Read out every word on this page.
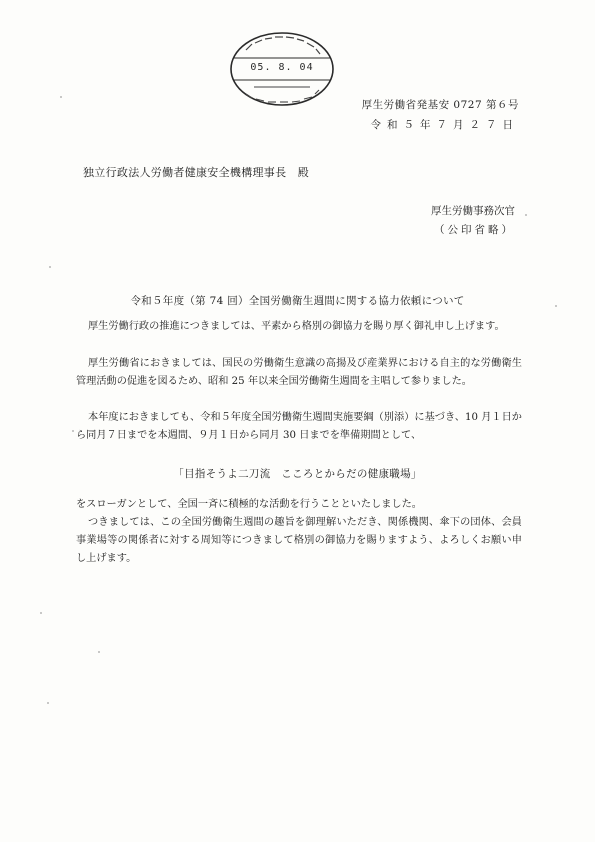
05. 8. 04
厚生労働省発基安 0727 第６号
令和５年７月２７日
独立行政法人労働者健康安全機構理事長　殿
厚生労働事務次官
（公印省略）
令和５年度（第 74 回）全国労働衛生週間に関する協力依頼について
厚生労働行政の推進につきましては、平素から格別の御協力を賜り厚く御礼申し上げます。
厚生労働省におきましては、国民の労働衛生意識の高揚及び産業界における自主的な労働衛生管理活動の促進を図るため、昭和 25 年以来全国労働衛生週間を主唱して参りました。
本年度におきましても、令和５年度全国労働衛生週間実施要綱（別添）に基づき、10 月１日から同月７日までを本週間、９月１日から同月 30 日までを準備期間として、
「目指そうよ二刀流　こころとからだの健康職場」
をスローガンとして、全国一斉に積極的な活動を行うことといたしました。
つきましては、この全国労働衛生週間の趣旨を御理解いただき、関係機関、傘下の団体、会員事業場等の関係者に対する周知等につきまして格別の御協力を賜りますよう、よろしくお願い申し上げます。
